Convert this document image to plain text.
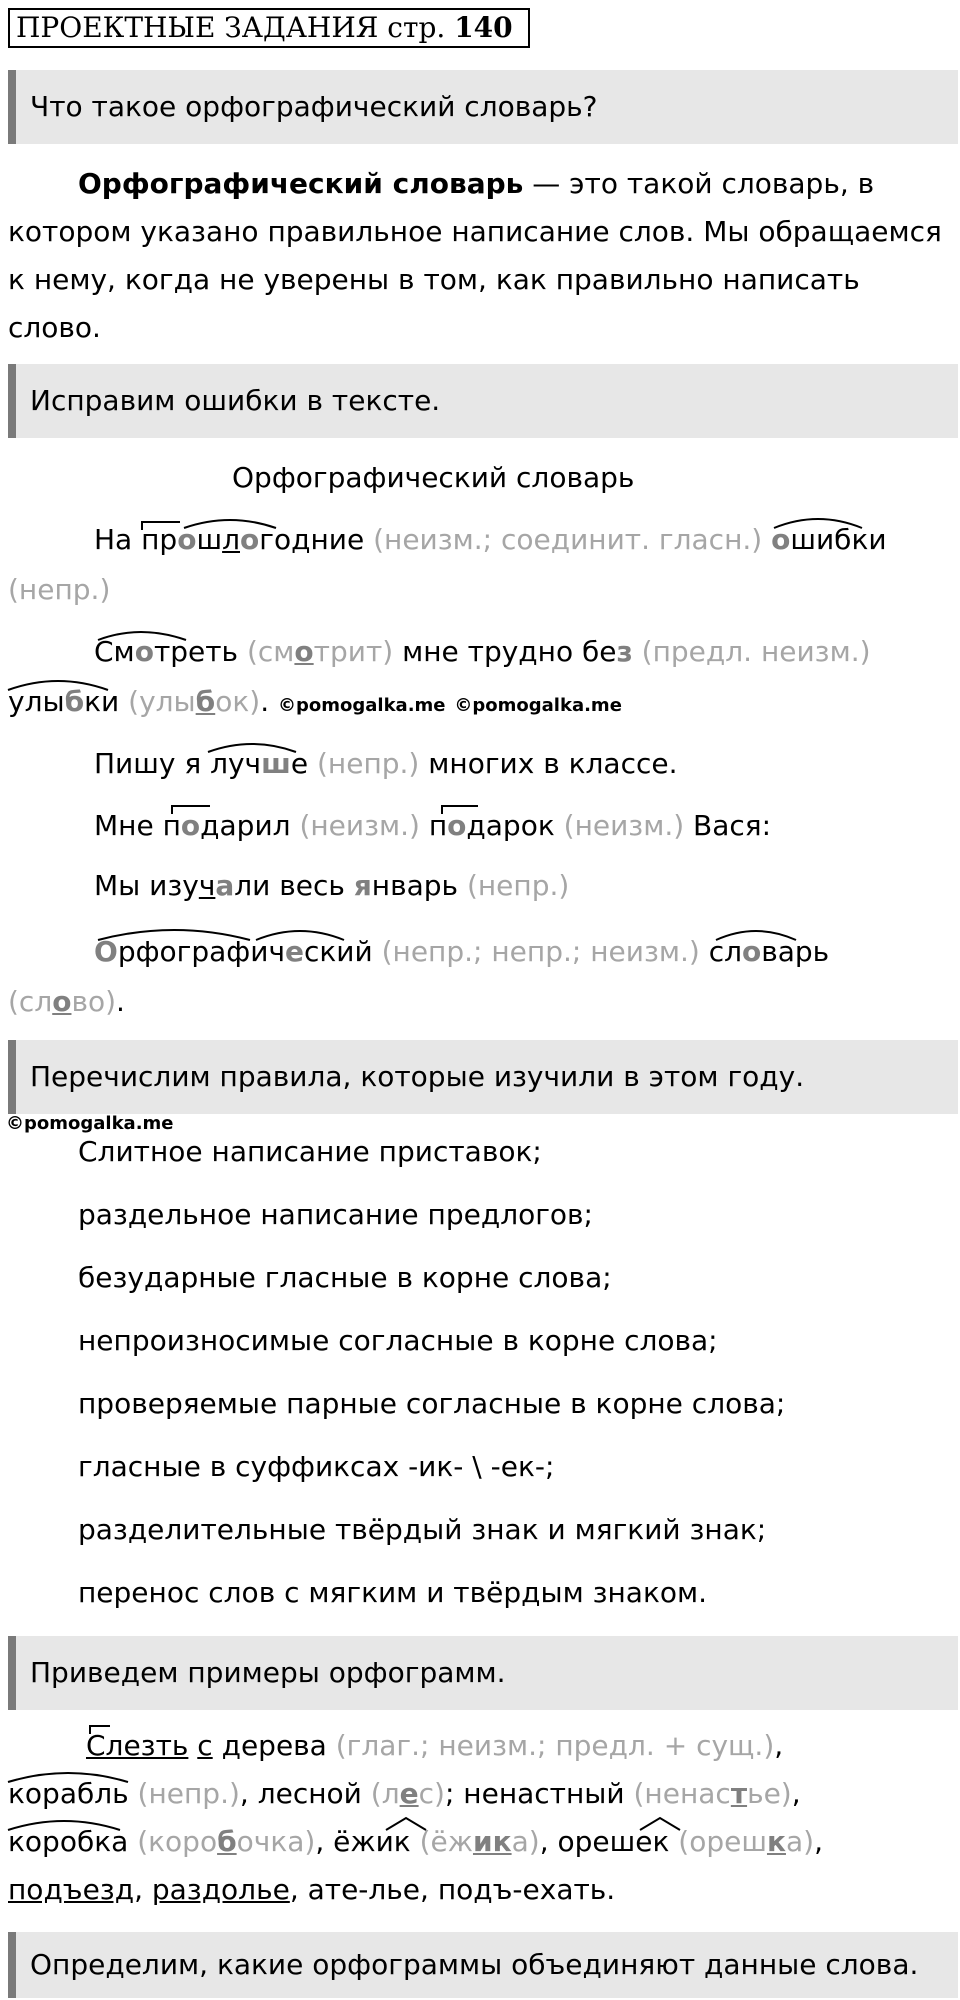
ПРОЕКТНЫЕ ЗАДАНИЯ стр. 140
Что такое орфографический словарь?
Орфографический словарь — это такой словарь, в котором указано правильное написание слов. Мы обращаемся к нему, когда не уверены в том, как правильно написать слово.
Исправим ошибки в тексте.
Орфографический словарь
На прошлогодние (неизм.; соединит. гласн.) ошибки
(непр.)
Смотреть (смотрит) мне трудно без (предл. неизм.)
улыбки (улыбок). ©pomogalka.me ©pomogalka.me
Пишу я лучше (непр.) многих в классе.
Мне подарил (неизм.) подарок (неизм.) Вася:
Мы изучали весь январь (непр.)
Орфографический (непр.; непр.; неизм.) словарь
(слово).
Перечислим правила, которые изучили в этом году.
©pomogalka.me
Слитное написание приставок;
раздельное написание предлогов;
безударные гласные в корне слова;
непроизносимые согласные в корне слова;
проверяемые парные согласные в корне слова;
гласные в суффиксах -ик- \ -ек-;
разделительные твёрдый знак и мягкий знак;
перенос слов с мягким и твёрдым знаком.
Приведем примеры орфограмм.
Слезть с дерева (глаг.; неизм.; предл. + сущ.),
корабль (непр.), лесной (лес); ненастный (ненастье),
коробка (коробочка), ёжик (ёжика), орешек (орешка),
подъезд, раздолье, ате-лье, подъ-ехать.
Определим, какие орфограммы объединяют данные слова.
